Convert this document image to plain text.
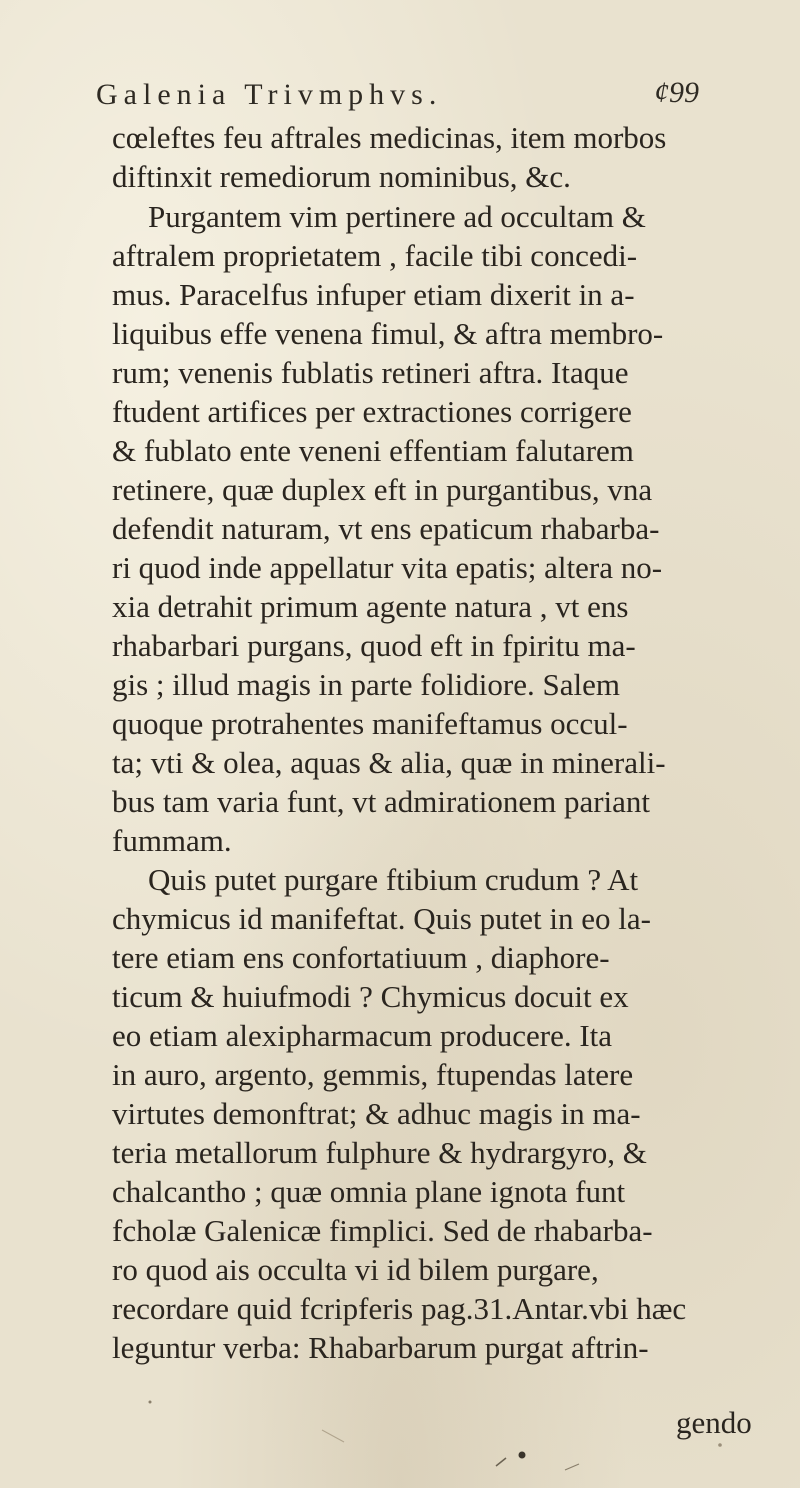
Galenia Trivmphvs.	¢99
cœleftes feu aftrales medicinas, item morbos
diftinxit remediorum nominibus, &c.
Purgantem vim pertinere ad occultam &
aftralem proprietatem , facile tibi concedi-
mus. Paracelfus infuper etiam dixerit in a-
liquibus effe venena fimul, & aftra membro-
rum; venenis fublatis retineri aftra. Itaque
ftudent artifices per extractiones corrigere
& fublato ente veneni effentiam falutarem
retinere, quæ duplex eft in purgantibus, vna
defendit naturam, vt ens epaticum rhabarba-
ri quod inde appellatur vita epatis; altera no-
xia detrahit primum agente natura , vt ens
rhabarbari purgans, quod eft in fpiritu ma-
gis ; illud magis in parte folidiore. Salem
quoque protrahentes manifeftamus occul-
ta; vti & olea, aquas & alia, quæ in minerali-
bus tam varia funt, vt admirationem pariant
fummam.
Quis putet purgare ftibium crudum ? At
chymicus id manifeftat. Quis putet in eo la-
tere etiam ens confortatiuum , diaphore-
ticum & huiufmodi ? Chymicus docuit ex
eo etiam alexipharmacum producere. Ita
in auro, argento, gemmis, ftupendas latere
virtutes demonftrat; & adhuc magis in ma-
teria metallorum fulphure & hydrargyro, &
chalcantho ; quæ omnia plane ignota funt
fcholæ Galenicæ fimplici. Sed de rhabarba-
ro quod ais occulta vi id bilem purgare,
recordare quid fcripferis pag.31.Antar.vbi hæc
leguntur verba: Rhabarbarum purgat aftrin-
gendo
